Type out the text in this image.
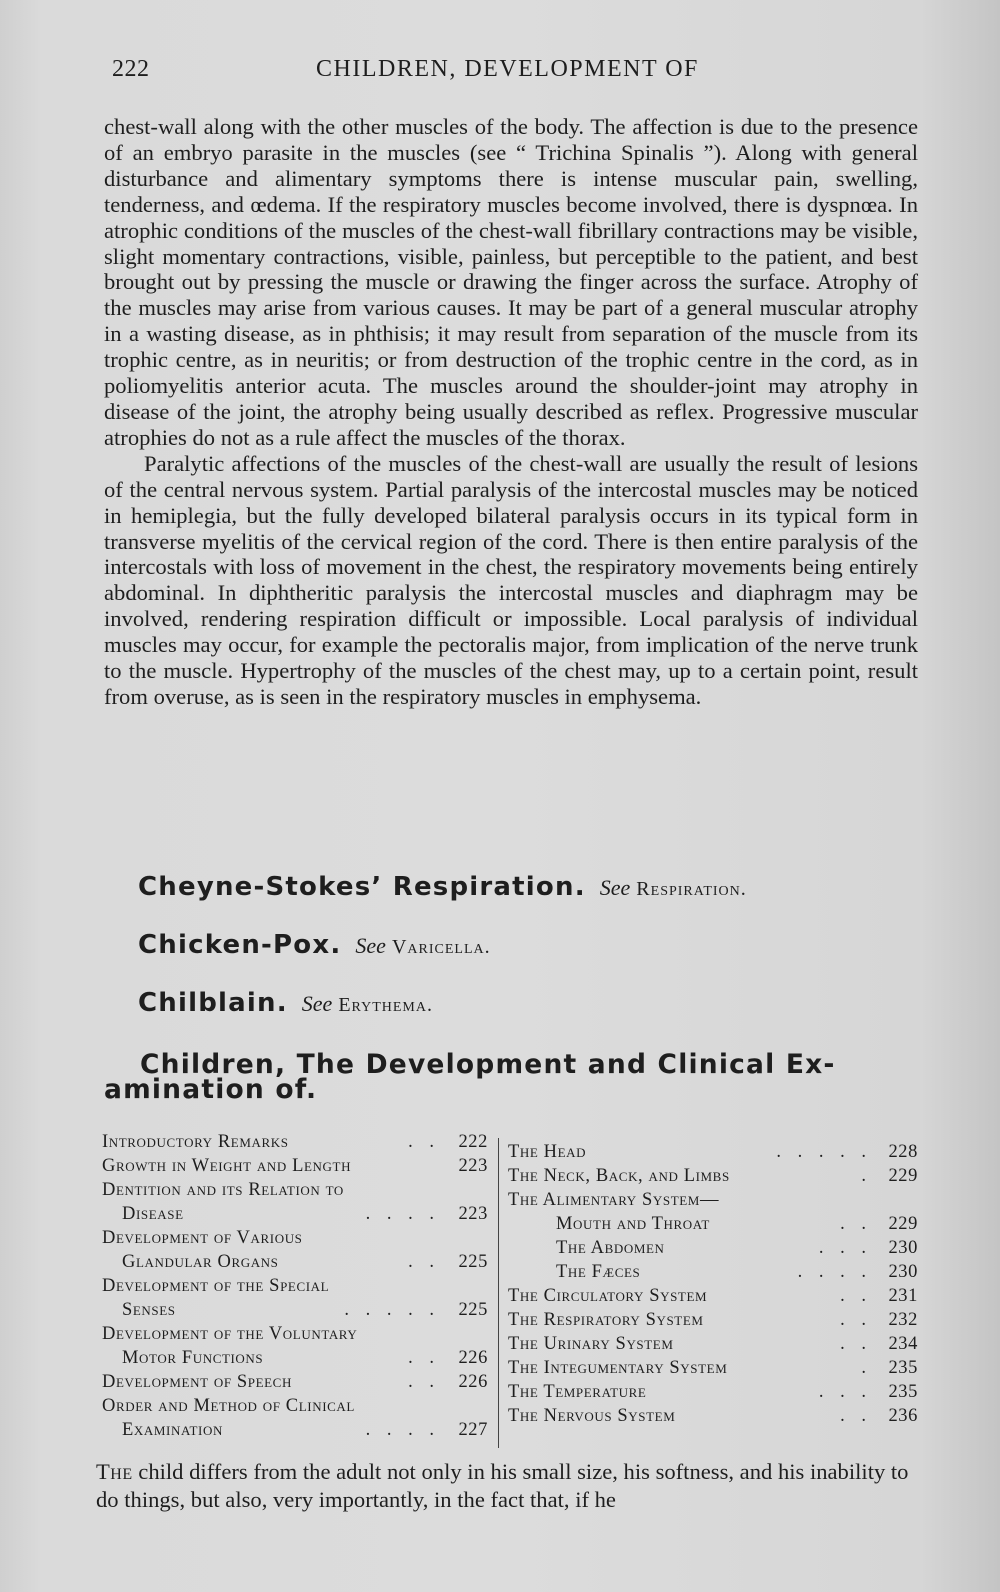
222	CHILDREN, DEVELOPMENT OF

chest-wall along with the other muscles of the body. The affection is due to the presence of an embryo parasite in the muscles (see “ Trichina Spinalis ”). Along with general disturbance and alimentary symptoms there is intense muscular pain, swelling, tenderness, and œdema. If the respiratory muscles become involved, there is dyspnœa. In atrophic conditions of the muscles of the chest-wall fibrillary contractions may be visible, slight momentary contractions, visible, painless, but perceptible to the patient, and best brought out by pressing the muscle or drawing the finger across the surface. Atrophy of the muscles may arise from various causes. It may be part of a general muscular atrophy in a wasting disease, as in phthisis; it may result from separation of the muscle from its trophic centre, as in neuritis; or from destruction of the trophic centre in the cord, as in poliomyelitis anterior acuta. The muscles around the shoulder-joint may atrophy in disease of the joint, the atrophy being usually described as reflex. Progressive muscular atrophies do not as a rule affect the muscles of the thorax.

Paralytic affections of the muscles of the chest-wall are usually the result of lesions of the central nervous system. Partial paralysis of the intercostal muscles may be noticed in hemiplegia, but the fully developed bilateral paralysis occurs in its typical form in transverse myelitis of the cervical region of the cord. There is then entire paralysis of the intercostals with loss of movement in the chest, the respiratory movements being entirely abdominal. In diphtheritic paralysis the intercostal muscles and diaphragm may be involved, rendering respiration difficult or impossible. Local paralysis of individual muscles may occur, for example the pectoralis major, from implication of the nerve trunk to the muscle. Hypertrophy of the muscles of the chest may, up to a certain point, result from overuse, as is seen in the respiratory muscles in emphysema.

Cheyne-Stokes’ Respiration. See Respiration.
Chicken-Pox. See Varicella.
Chilblain. See Erythema.
Children, The Development and Clinical Ex-
amination of.
Introductory Remarks	. . 222
Growth in Weight and Length	223
Dentition and its Relation to
Disease	. . . . 223
Development of Various
Glandular Organs	. . 225
Development of the Special
Senses	. . . . . 225
Development of the Voluntary
Motor Functions	. . 226
Development of Speech	. . 226
Order and Method of Clinical
Examination	. . . . 227
The Head	. . . . . 228
The Neck, Back, and Limbs	. 229
The Alimentary System—
Mouth and Throat	. . 229
The Abdomen	. . . 230
The Fæces	. . . . 230
The Circulatory System	. . 231
The Respiratory System	. . 232
The Urinary System	. . 234
The Integumentary System	. 235
The Temperature	. . . 235
The Nervous System	. . 236
The child differs from the adult not only in his small size, his softness, and his inability to do things, but also, very importantly, in the fact that, if he
